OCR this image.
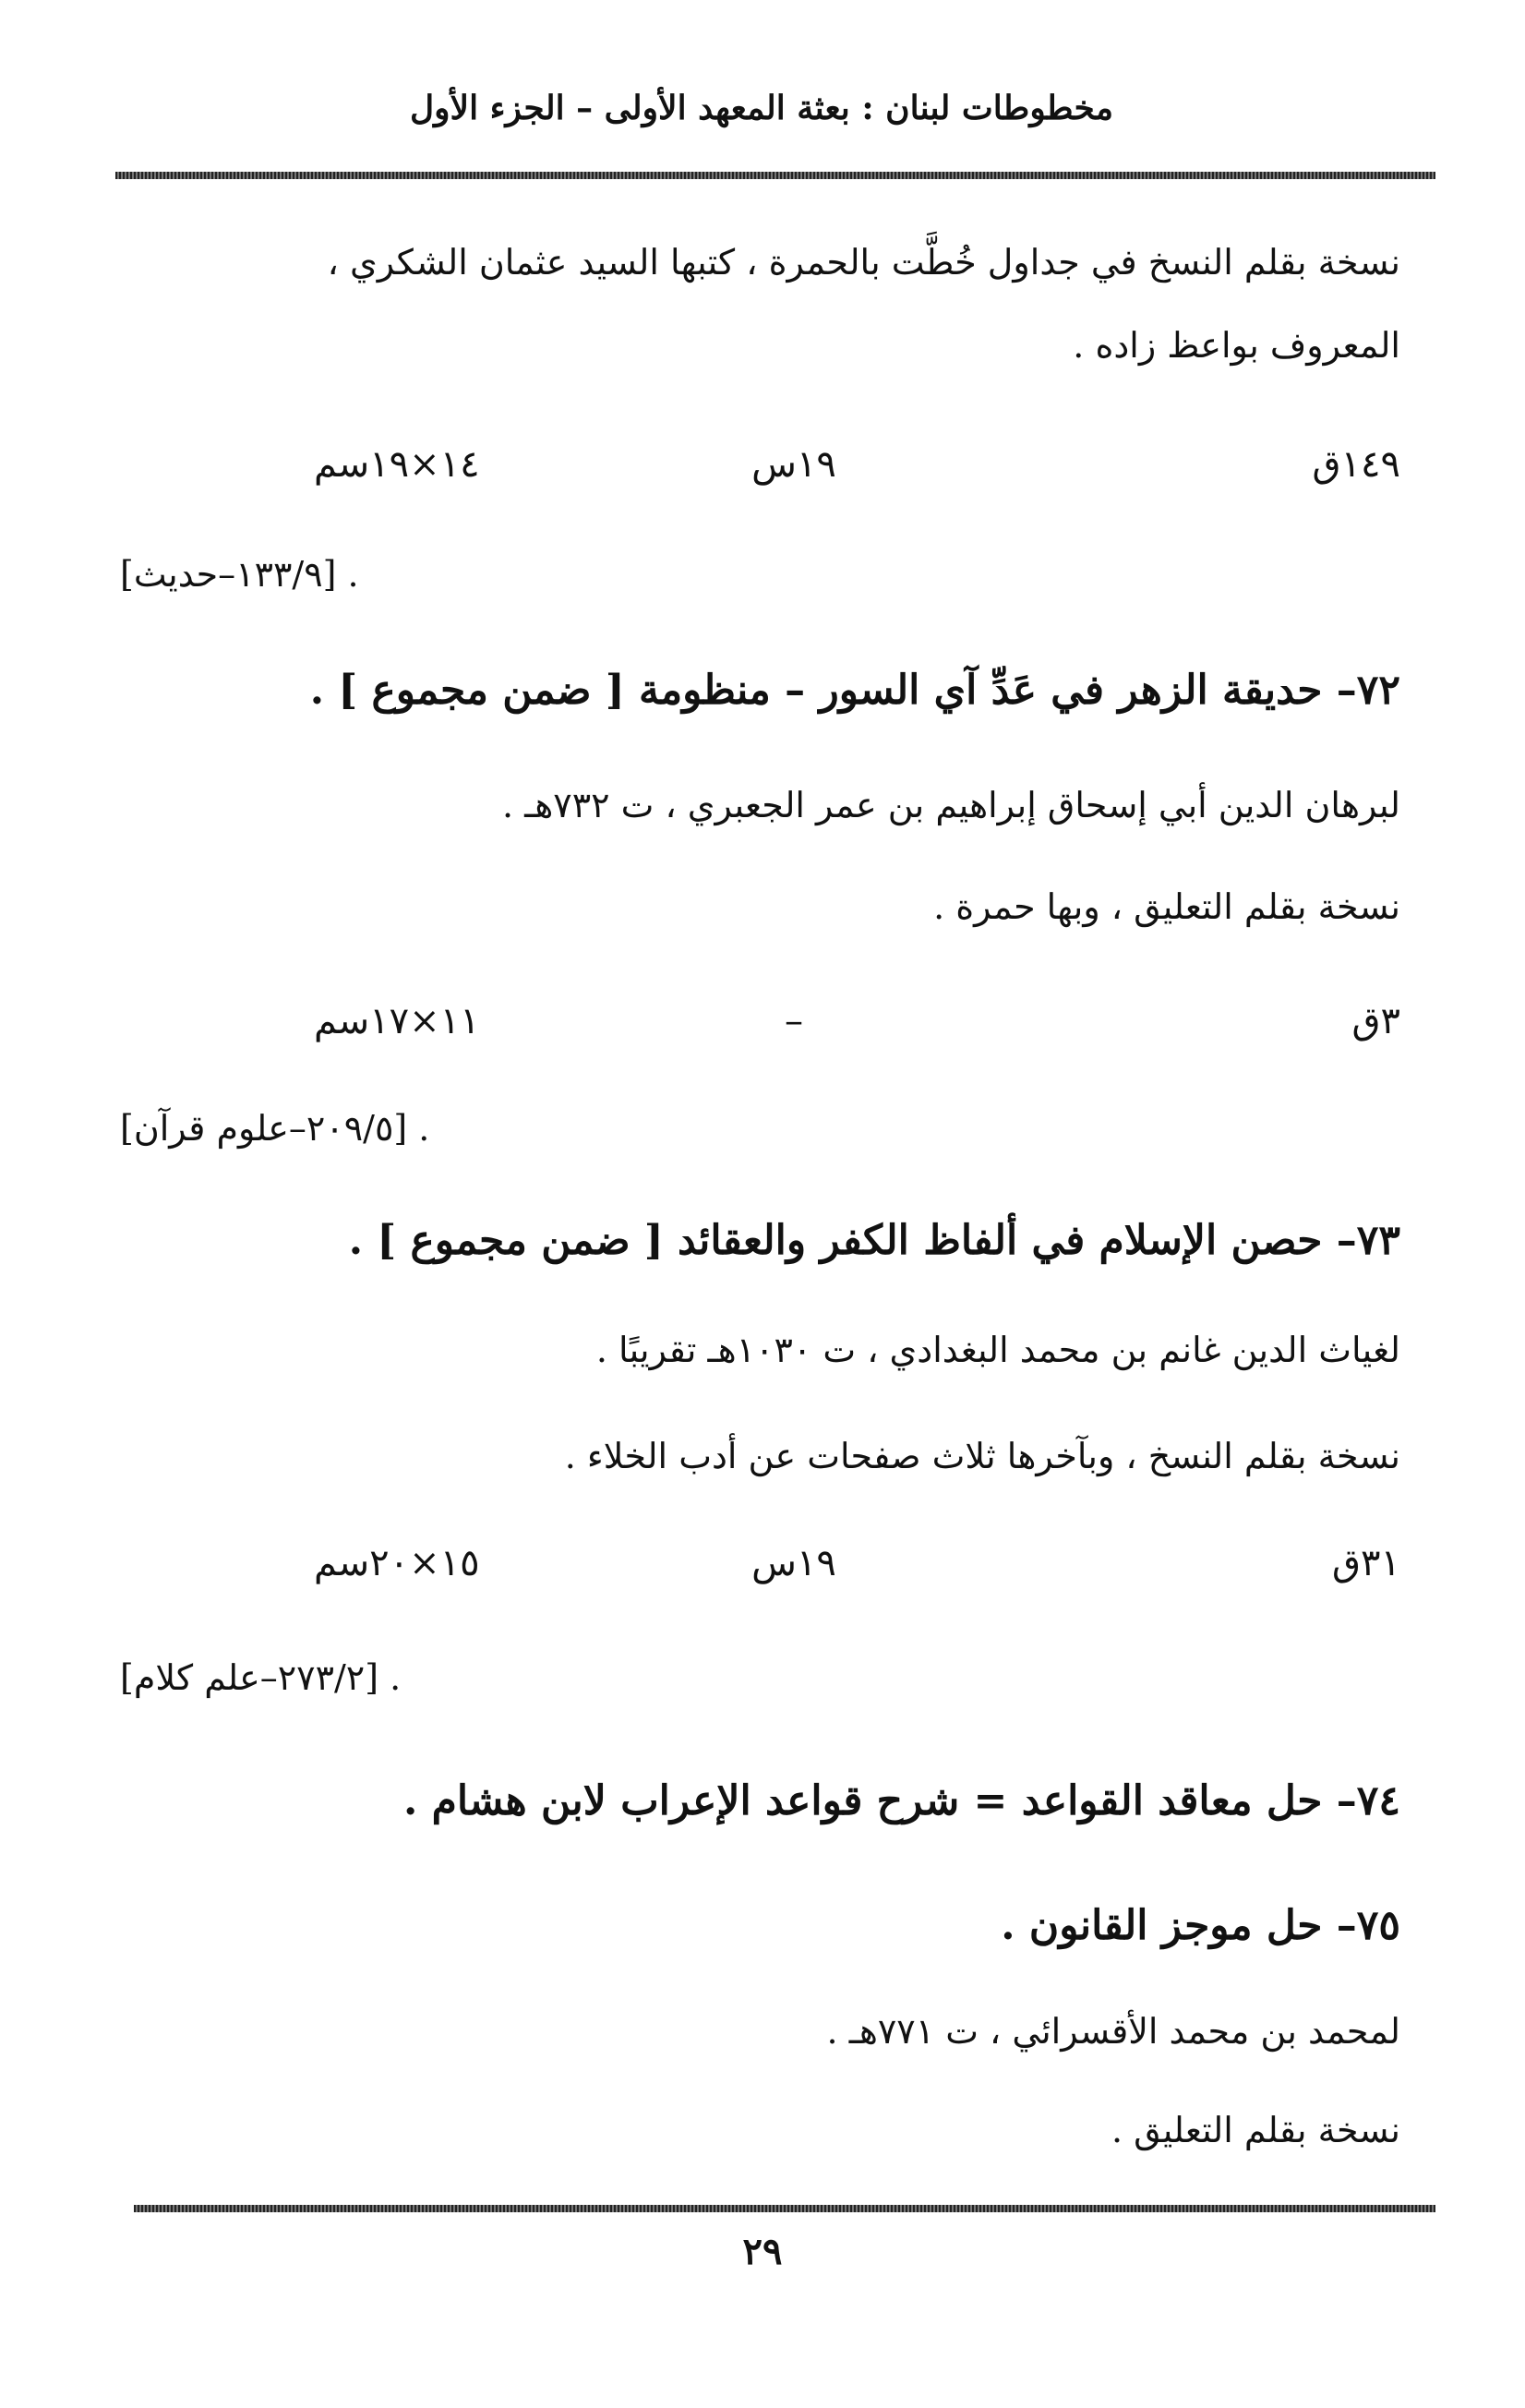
مخطوطات لبنان : بعثة المعهد الأولى – الجزء الأول
نسخة بقلم النسخ في جداول خُطَّت بالحمرة ، كتبها السيد عثمان الشكري ،
المعروف بواعظ زاده .
١٤٩ق
١٩س
١٤×١٩سم
[١٣٣/٩–حديث] .
٧٢– حديقة الزهر في عَدِّ آي السور – منظومة [ ضمن مجموع ] .
لبرهان الدين أبي إسحاق إبراهيم بن عمر الجعبري ، ت ٧٣٢هـ .
نسخة بقلم التعليق ، وبها حمرة .
٣ق
–
١١×١٧سم
[٢٠٩/٥–علوم قرآن] .
٧٣– حصن الإسلام في ألفاظ الكفر والعقائد [ ضمن مجموع ] .
لغياث الدين غانم بن محمد البغدادي ، ت ١٠٣٠هـ تقريبًا .
نسخة بقلم النسخ ، وبآخرها ثلاث صفحات عن أدب الخلاء .
٣١ق
١٩س
١٥×٢٠سم
[٢٧٣/٢–علم كلام] .
٧٤– حل معاقد القواعد = شرح قواعد الإعراب لابن هشام .
٧٥– حل موجز القانون .
لمحمد بن محمد الأقسرائي ، ت ٧٧١هـ .
نسخة بقلم التعليق .
٢٩
